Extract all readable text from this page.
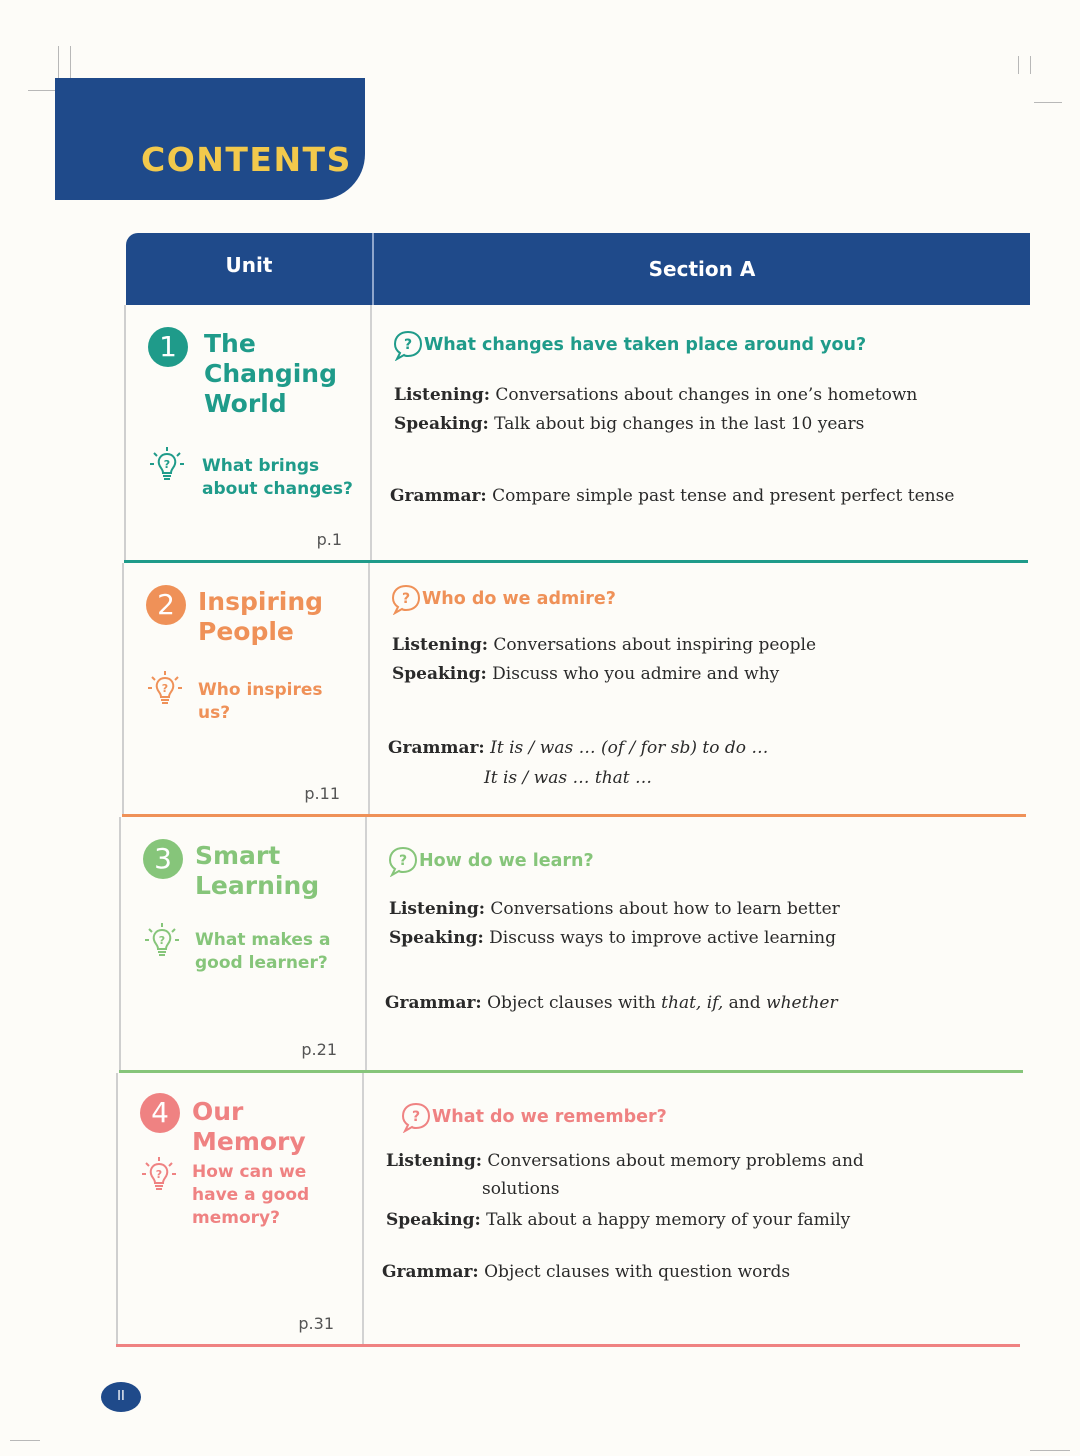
CONTENTS
Unit	Section A
1	The
Changing
World
What brings
about changes?
p.1
What changes have taken place around you?
Listening: Conversations about changes in one’s hometown
Speaking: Talk about big changes in the last 10 years
Grammar: Compare simple past tense and present perfect tense
2 Inspiring
People
Who inspires
us?
p.11
Who do we admire?
Listening: Conversations about inspiring people
Speaking: Discuss who you admire and why
Grammar: It is / was … (of / for sb) to do …
It is / was … that …
3 Smart
Learning
What makes a
good learner?
p.21
How do we learn?
Listening: Conversations about how to learn better
Speaking: Discuss ways to improve active learning
Grammar: Object clauses with that, if, and whether
4 Our Memory
How can we
have a good
memory?
p.31
What do we remember?
Listening: Conversations about memory problems and
solutions
Speaking: Talk about a happy memory of your family
Grammar: Object clauses with question words
II
